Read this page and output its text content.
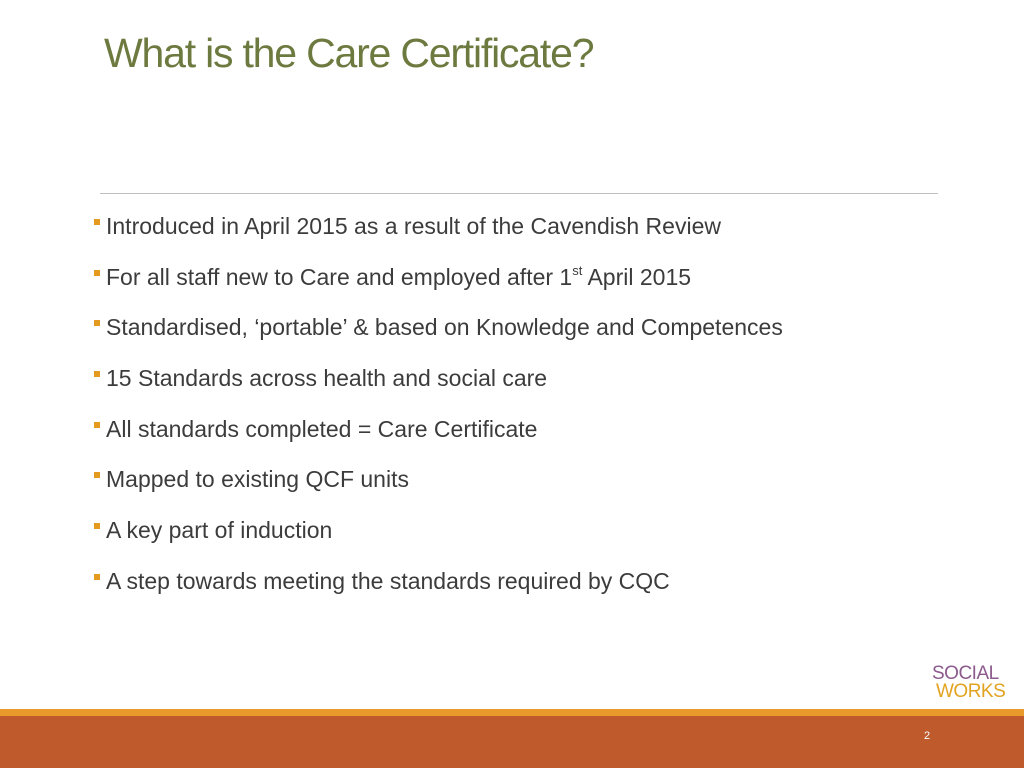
What is the Care Certificate?
Introduced in April 2015 as a result of the Cavendish Review
For all staff new to Care and employed after 1st April 2015
Standardised, ‘portable’ & based on Knowledge and Competences
15 Standards across health and social care
All standards completed = Care Certificate
Mapped to existing QCF units
A key part of induction
A step towards meeting the standards required by CQC
SOCIAL
WORKS
2
